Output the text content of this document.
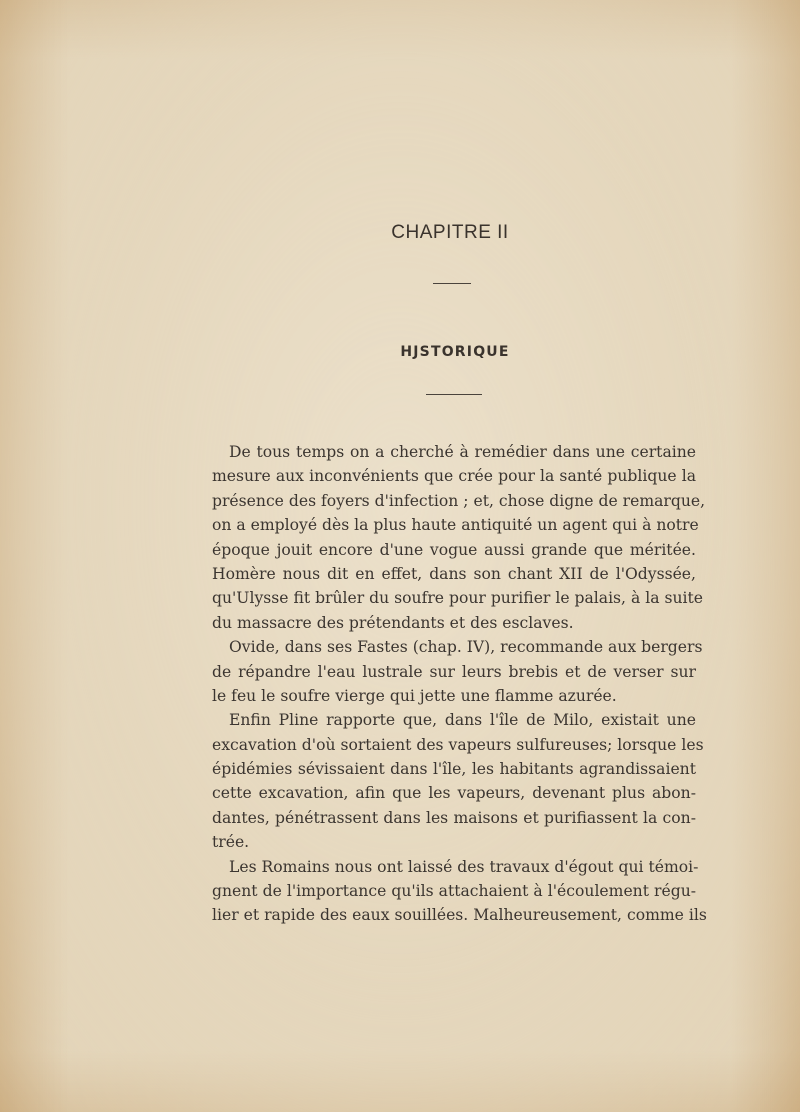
CHAPITRE II
HJSTORIQUE
De tous temps on a cherché à remédier dans une certaine
mesure aux inconvénients que crée pour la santé publique la
présence des foyers d'infection ; et, chose digne de remarque,
on a employé dès la plus haute antiquité un agent qui à notre
époque jouit encore d'une vogue aussi grande que méritée.
Homère nous dit en effet, dans son chant XII de l'Odyssée,
qu'Ulysse fit brûler du soufre pour purifier le palais, à la suite
du massacre des prétendants et des esclaves.
Ovide, dans ses Fastes (chap. IV), recommande aux bergers
de répandre l'eau lustrale sur leurs brebis et de verser sur
le feu le soufre vierge qui jette une flamme azurée.
Enfin Pline rapporte que, dans l'île de Milo, existait une
excavation d'où sortaient des vapeurs sulfureuses; lorsque les
épidémies sévissaient dans l'île, les habitants agrandissaient
cette excavation, afin que les vapeurs, devenant plus abon-
dantes, pénétrassent dans les maisons et purifiassent la con-
trée.
Les Romains nous ont laissé des travaux d'égout qui témoi-
gnent de l'importance qu'ils attachaient à l'écoulement régu-
lier et rapide des eaux souillées. Malheureusement, comme ils
